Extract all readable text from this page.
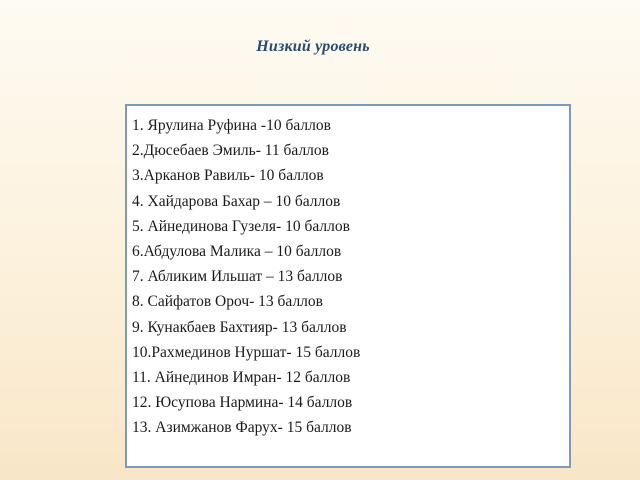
Низкий уровень
1. Ярулина Руфина -10 баллов
2.Дюсебаев Эмиль- 11 баллов
3.Арканов Равиль- 10 баллов
4. Хайдарова Бахар – 10 баллов
5. Айнединова Гузеля- 10 баллов
6.Абдулова Малика – 10 баллов
7. Абликим Ильшат – 13 баллов
8. Сайфатов Ороч- 13 баллов
9. Кунакбаев Бахтияр- 13 баллов
10.Рахмединов Нуршат- 15 баллов
11. Айнединов Имран- 12 баллов
12. Юсупова Нармина- 14 баллов
13. Азимжанов Фарух- 15 баллов
